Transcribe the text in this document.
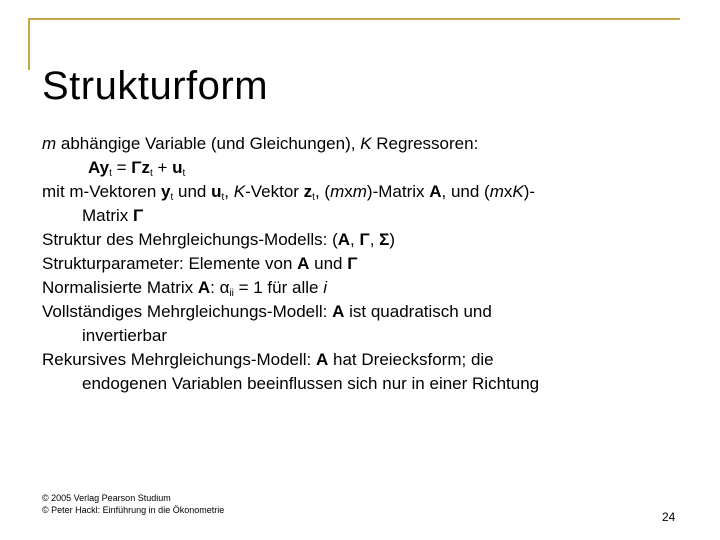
Strukturform
m abhängige Variable (und Gleichungen), K Regressoren:
$Ay_t = \Gamma z_t + u_t$
mit m-Vektoren $y_t$ und $u_t$, K-Vektor $z_t$, (mxm)-Matrix A, und (mxK)-
Matrix Γ
Struktur des Mehrgleichungs-Modells: (A, Γ, Σ)
Strukturparameter: Elemente von A und Γ
Normalisierte Matrix A: $\alpha_{ii} = 1$ für alle i
Vollständiges Mehrgleichungs-Modell: A ist quadratisch und
invertierbar
Rekursives Mehrgleichungs-Modell: A hat Dreiecksform; die
endogenen Variablen beeinflussen sich nur in einer Richtung
© 2005 Verlag Pearson Studium
© Peter Hackl: Einführung in die Ökonometrie	24
